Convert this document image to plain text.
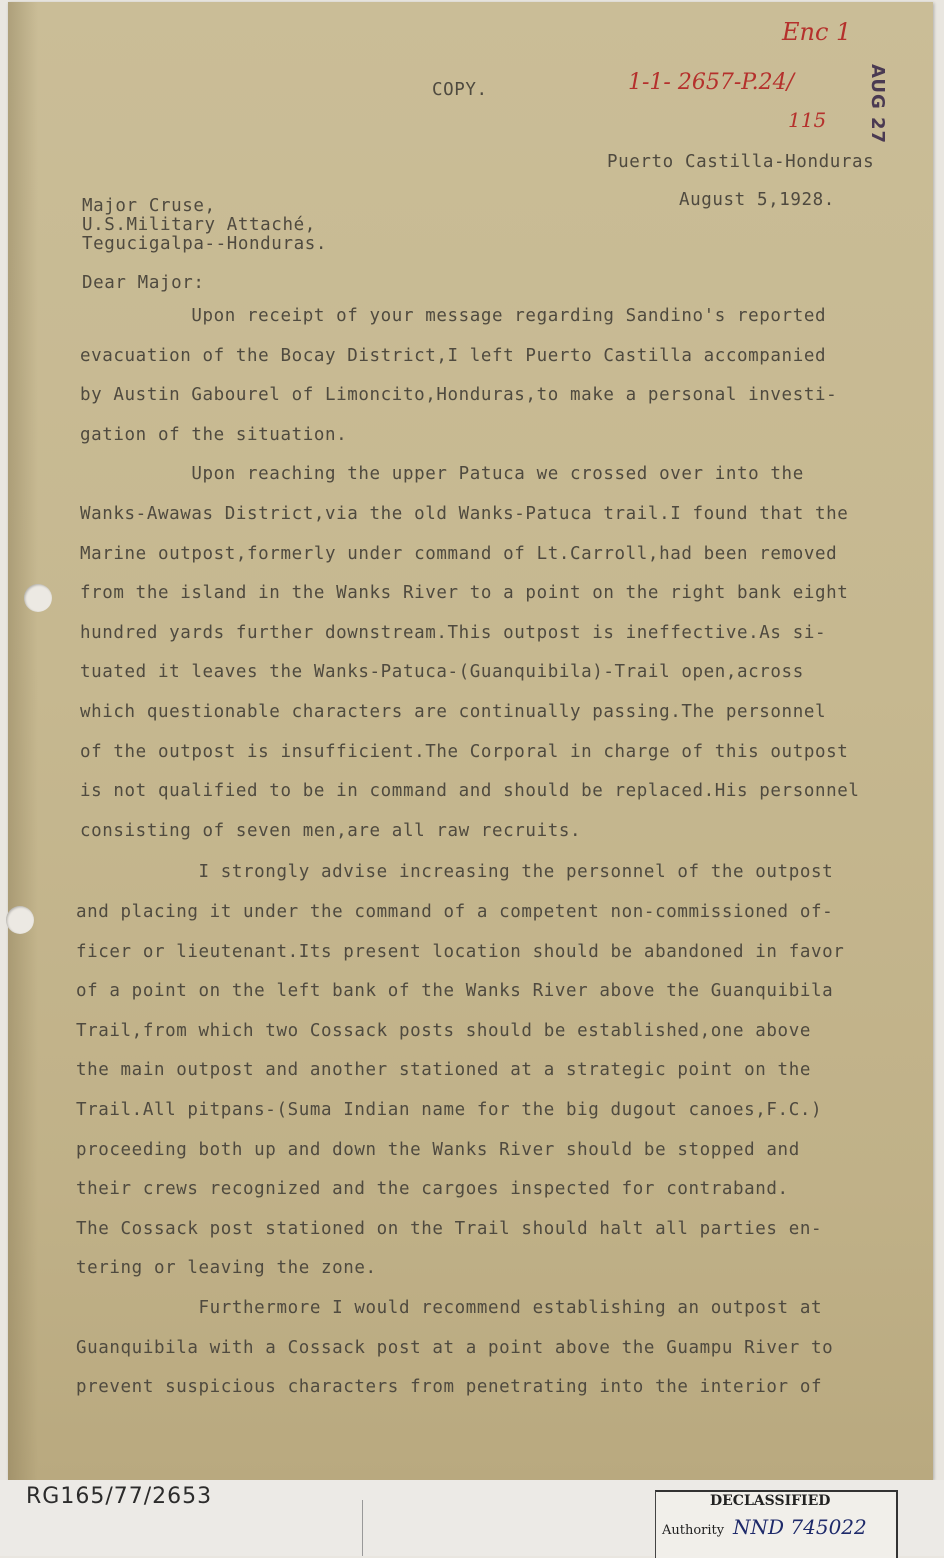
COPY.
Enc 1
1-1- 2657-P.24/
115 AUG 27
Puerto Castilla-Honduras
August 5,1928.
Major Cruse,
U.S.Military Attaché,
Tegucigalpa--Honduras.
Dear Major:
Upon receipt of your message regarding Sandino's reported
evacuation of the Bocay District,I left Puerto Castilla accompanied
by Austin Gabourel of Limoncito,Honduras,to make a personal investi-
gation of the situation.
Upon reaching the upper Patuca we crossed over into the
Wanks-Awawas District,via the old Wanks-Patuca trail.I found that the
Marine outpost,formerly under command of Lt.Carroll,had been removed
from the island in the Wanks River to a point on the right bank eight
hundred yards further downstream.This outpost is ineffective.As si-
tuated it leaves the Wanks-Patuca-(Guanquibila)-Trail open,across
which questionable characters are continually passing.The personnel
of the outpost is insufficient.The Corporal in charge of this outpost
is not qualified to be in command and should be replaced.His personnel
consisting of seven men,are all raw recruits.
I strongly advise increasing the personnel of the outpost
and placing it under the command of a competent non-commissioned of-
ficer or lieutenant.Its present location should be abandoned in favor
of a point on the left bank of the Wanks River above the Guanquibila
Trail,from which two Cossack posts should be established,one above
the main outpost and another stationed at a strategic point on the
Trail.All pitpans-(Suma Indian name for the big dugout canoes,F.C.)
proceeding both up and down the Wanks River should be stopped and
their crews recognized and the cargoes inspected for contraband.
The Cossack post stationed on the Trail should halt all parties en-
tering or leaving the zone.
Furthermore I would recommend establishing an outpost at
Guanquibila with a Cossack post at a point above the Guampu River to
prevent suspicious characters from penetrating into the interior of
RG165/77/2653	DECLASSIFIED
Authority NND 745022
